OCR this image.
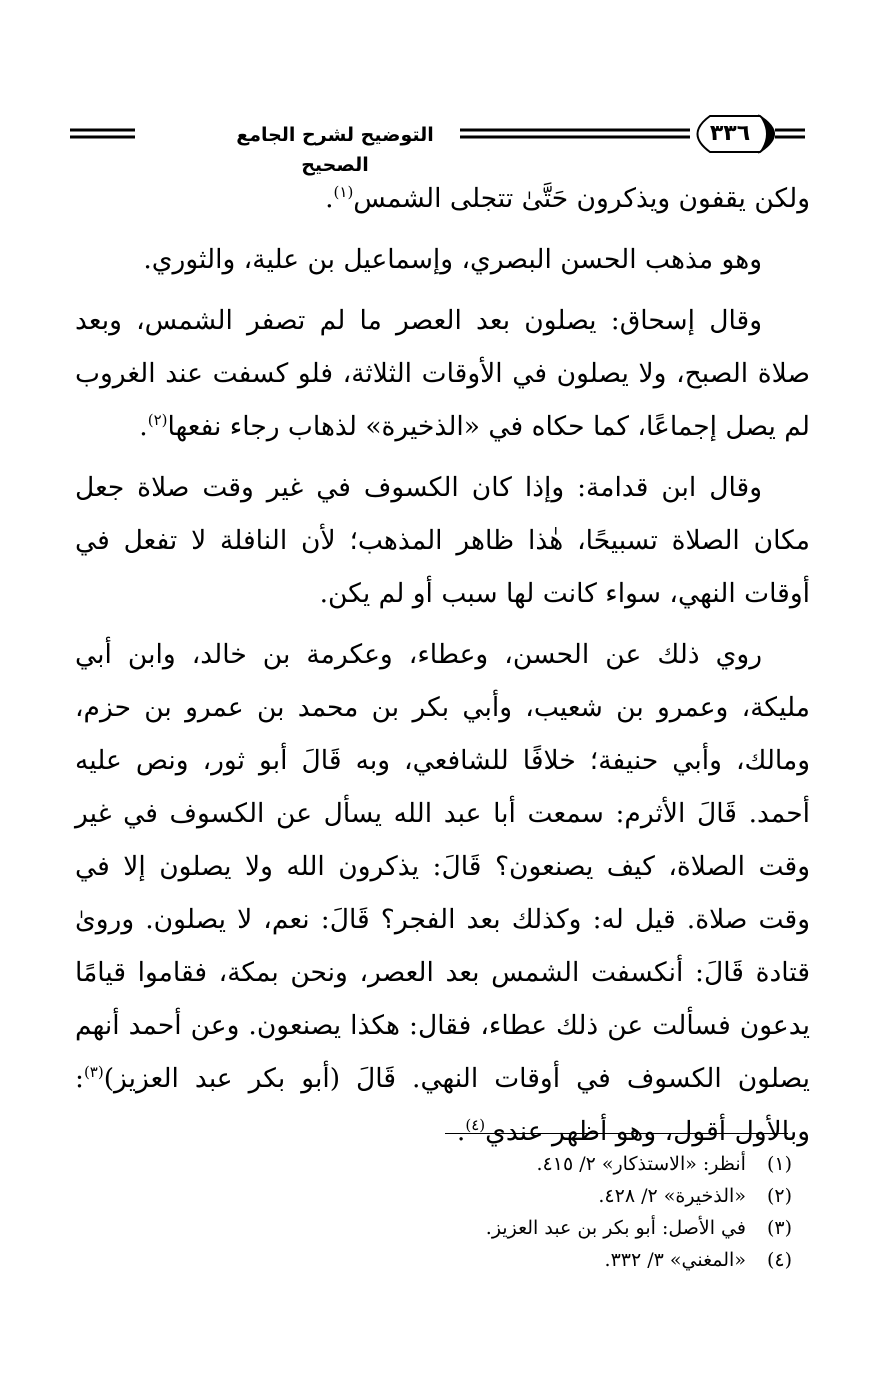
التوضيح لشرح الجامع الصحيح
٣٣٦

ولكن يقفون ويذكرون حَتَّىٰ تتجلى الشمس$^{(١)}$.

وهو مذهب الحسن البصري، وإسماعيل بن علية، والثوري.

وقال إسحاق: يصلون بعد العصر ما لم تصفر الشمس، وبعد صلاة الصبح، ولا يصلون في الأوقات الثلاثة، فلو كسفت عند الغروب لم يصل إجماعًا، كما حكاه في «الذخيرة» لذهاب رجاء نفعها$^{(٢)}$.

وقال ابن قدامة: وإذا كان الكسوف في غير وقت صلاة جعل مكان الصلاة تسبيحًا، هٰذا ظاهر المذهب؛ لأن النافلة لا تفعل في أوقات النهي، سواء كانت لها سبب أو لم يكن.

روي ذلك عن الحسن، وعطاء، وعكرمة بن خالد، وابن أبي مليكة، وعمرو بن شعيب، وأبي بكر بن محمد بن عمرو بن حزم، ومالك، وأبي حنيفة؛ خلافًا للشافعي، وبه قَالَ أبو ثور، ونص عليه أحمد. قَالَ الأثرم: سمعت أبا عبد الله يسأل عن الكسوف في غير وقت الصلاة، كيف يصنعون؟ قَالَ: يذكرون الله ولا يصلون إلا في وقت صلاة. قيل له: وكذلك بعد الفجر؟ قَالَ: نعم، لا يصلون. وروىٰ قتادة قَالَ: أنكسفت الشمس بعد العصر، ونحن بمكة، فقاموا قيامًا يدعون فسألت عن ذلك عطاء، فقال: هكذا يصنعون. وعن أحمد أنهم يصلون الكسوف في أوقات النهي. قَالَ (أبو بكر عبد العزيز)$^{(٣)}$: وبالأول أقول، وهو أظهر عندي$^{(٤)}$.

(١) أنظر: «الاستذكار» ٢/ ٤١٥.
(٢) «الذخيرة» ٢/ ٤٢٨.
(٣) في الأصل: أبو بكر بن عبد العزيز.
(٤) «المغني» ٣/ ٣٣٢.
